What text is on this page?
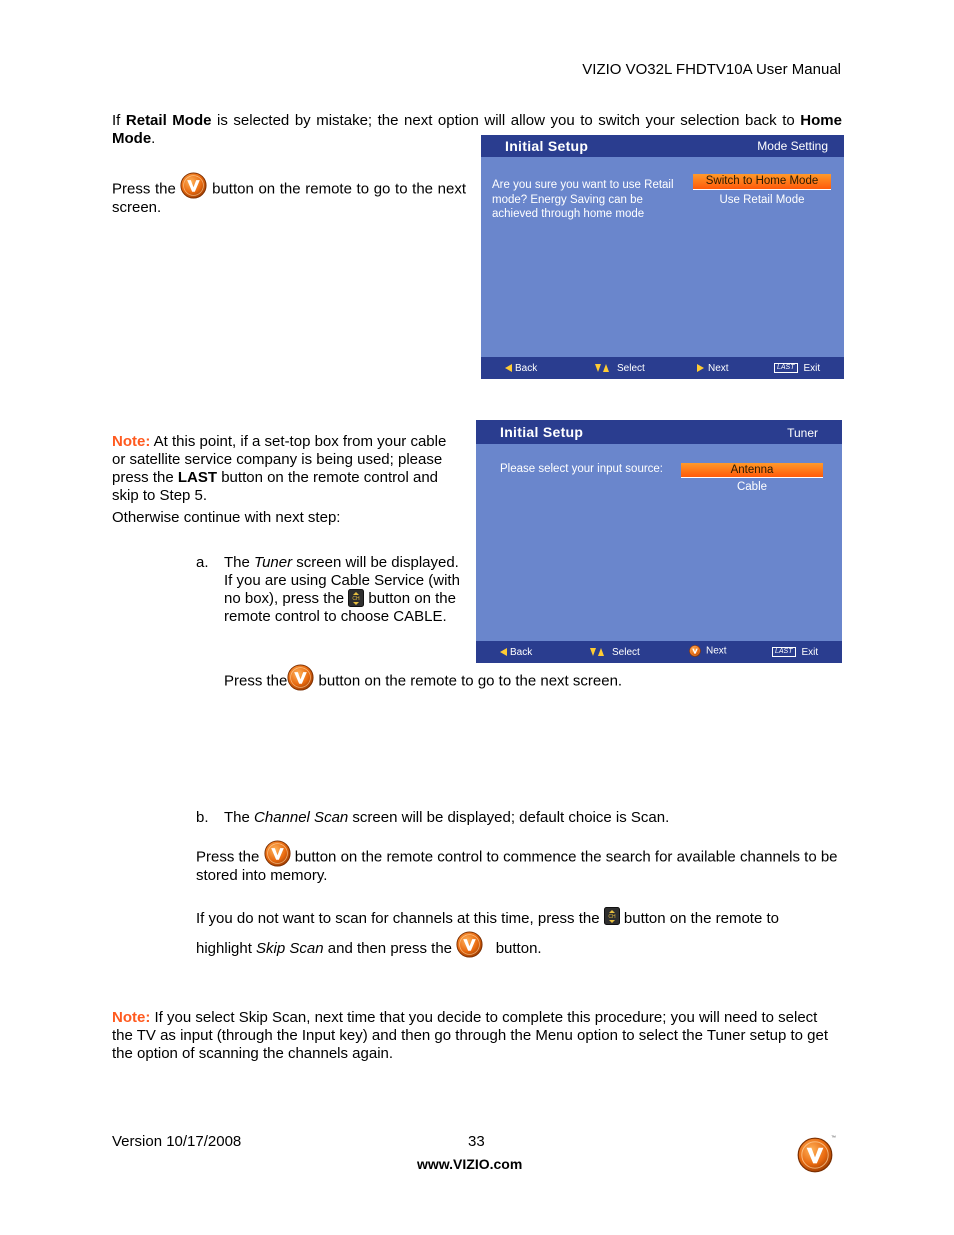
VIZIO VO32L FHDTV10A User Manual
If Retail Mode is selected by mistake; the next option will allow you to switch your selection back to Home Mode.
Press the  button on the remote to go to the next screen.
Initial Setup	Mode Setting
Are you sure you want to use Retail mode? Energy Saving can be achieved through home mode
Switch to Home Mode
Use Retail Mode
Back	Select	Next	LAST Exit
Note: At this point, if a set-top box from your cable or satellite service company is being used; please press the LAST button on the remote control and skip to Step 5.
Otherwise continue with next step:
a. The Tuner screen will be displayed. If you are using Cable Service (with no box), press the  button on the remote control to choose CABLE.
Initial Setup	Tuner
Please select your input source:	Antenna
Cable
Back	Select	Next	LAST Exit
Press the button on the remote to go to the next screen.
b. The Channel Scan screen will be displayed; default choice is Scan.
Press the  button on the remote control to commence the search for available channels to be stored into memory.
If you do not want to scan for channels at this time, press the  button on the remote to
highlight Skip Scan and then press the	button.
Note: If you select Skip Scan, next time that you decide to complete this procedure; you will need to select the TV as input (through the Input key) and then go through the Menu option to select the Tuner setup to get the option of scanning the channels again.
Version 10/17/2008	33
www.VIZIO.com
™
